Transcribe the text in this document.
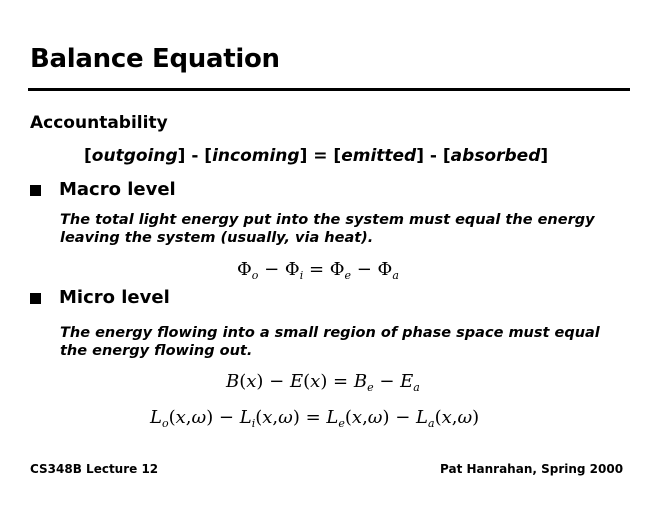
Balance Equation
Accountability
[outgoing] - [incoming] = [emitted] - [absorbed]
Macro level
The total light energy put into the system must equal the energy leaving the system (usually, via heat).
$\Phi_o - \Phi_i = \Phi_e - \Phi_a$
Micro level
The energy flowing into a small region of phase space must equal the energy flowing out.
$B(x) - E(x) = B_e - E_a$
$L_o(x,\omega) - L_i(x,\omega) = L_e(x,\omega) - L_a(x,\omega)$
CS348B Lecture 12	Pat Hanrahan, Spring 2000
